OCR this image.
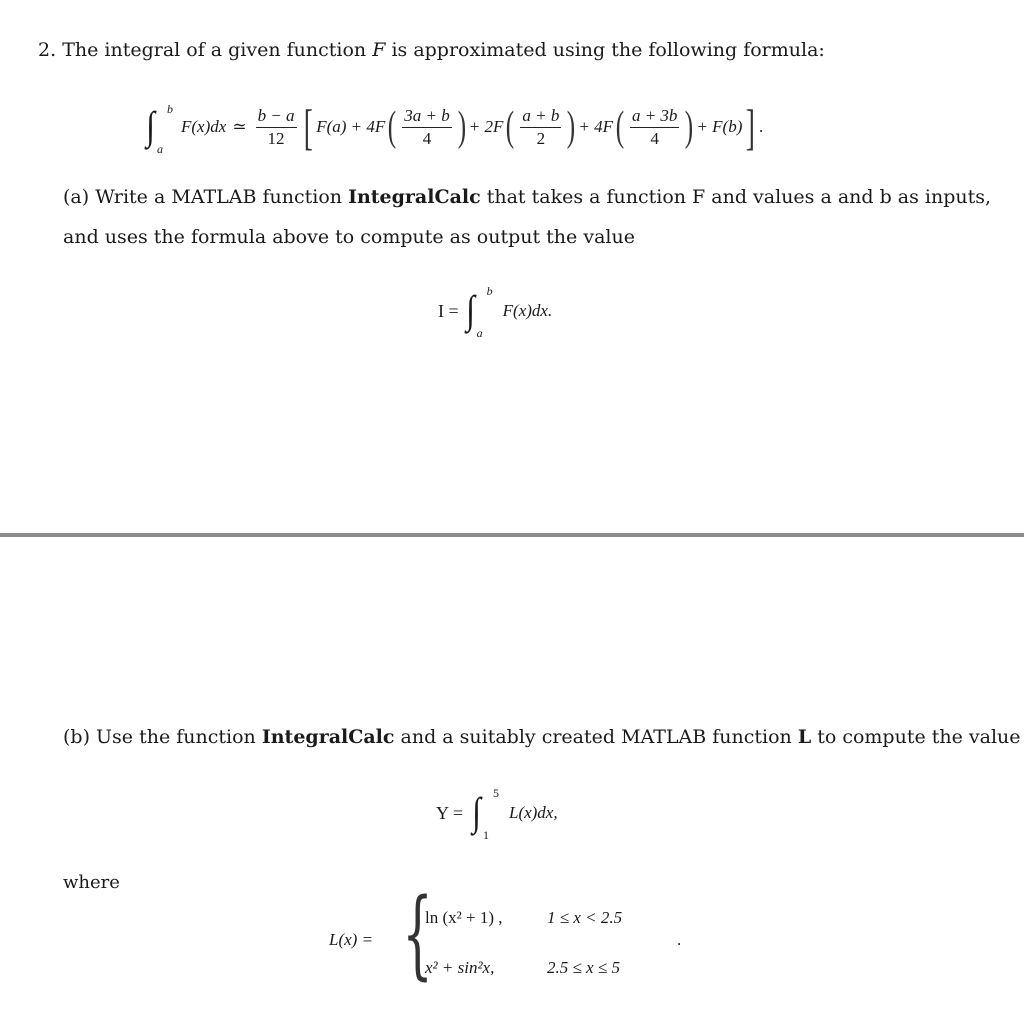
2. The integral of a given function F is approximated using the following formula:
∫ b
a
F(x)dx ≃ $\frac{b - a}{12}$ [ F(a) + 4F ( $\frac{3a + b}{4}$ ) + 2F ( $\frac{a + b}{2}$ ) + 4F ( $\frac{a + 3b}{4}$ ) + F(b) ] .
(a) Write a MATLAB function IntegralCalc that takes a function F and values a and b as inputs,
and uses the formula above to compute as output the value
I = ∫ b
a
F(x)dx.
(b) Use the function IntegralCalc and a suitably created MATLAB function L to compute the value
Y = ∫ 5
1
L(x)dx,
where
L(x) = {
ln (x² + 1) ,	1 ≤ x < 2.5
x² + sin²x,	2.5 ≤ x ≤ 5
.
